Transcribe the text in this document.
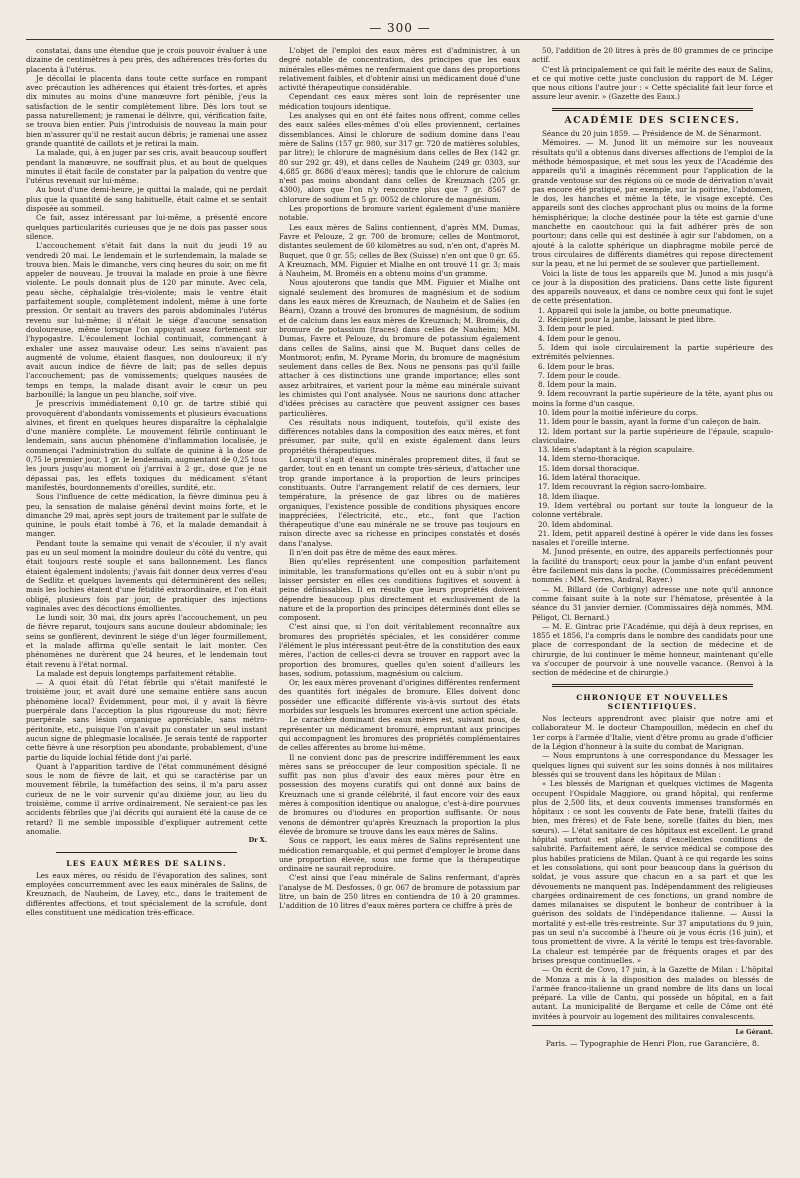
— 300 —

constatai, dans une étendue que je crois pouvoir évaluer à une dizaine de centimètres à peu près, des adhérences très-fortes du placenta à l'utérus.

Je décollai le placenta dans toute cette surface en rompant avec précaution les adhérences qui étaient très-fortes, et après dix minutes au moins d'une manœuvre fort pénible, j'eus la satisfaction de le sentir complètement libre. Dès lors tout se passa naturellement; je ramenai le délivre, qui, vérification faite, se trouva bien entier. Puis j'introduisis de nouveau la main pour bien m'assurer qu'il ne restait aucun débris; je ramenai une assez grande quantité de caillots et je retirai la main.

La malade, qui, à en juger par ses cris, avait beaucoup souffert pendant la manœuvre, ne souffrait plus, et au bout de quelques minutes il était facile de constater par la palpation du ventre que l'utérus revenait sur lui-même.

Au bout d'une demi-heure, je quittai la malade, qui ne perdait plus que la quantité de sang habituelle, était calme et se sentait disposée au sommeil.

Ce fait, assez intéressant par lui-même, a présenté encore quelques particularités curieuses que je ne dois pas passer sous silence.

L'accouchement s'était fait dans la nuit du jeudi 19 au vendredi 20 mai. Le lendemain et le surlendemain, la malade se trouva bien. Mais le dimanche, vers cinq heures du soir, on me fit appeler de nouveau. Je trouvai la malade en proie à une fièvre violente. Le pouls donnait plus de 120 par minute. Avec cela, peau sèche, céphalalgie très-violente; mais le ventre était parfaitement souple, complètement indolent, même à une forte pression. Or sentait au travers des parois abdominales l'utérus revenu sur lui-même; il n'était le siége d'aucune sensation douloureuse, même lorsque l'on appuyait assez fortement sur l'hypogastre. L'écoulement lochial continuait, commençant à exhaler une assez mauvaise odeur. Les seins n'avaient pas augmenté de volume, étaient flasques, non douloureux; il n'y avait aucun indice de fièvre de lait; pas de selles depuis l'accouchement; pas de vomissements; quelques nausées de temps en temps, la malade disant avoir le cœur un peu barbouillé; la langue un peu blanche, soif vive.

Je prescrivis immédiatement 0,10 gr. de tartre stibié qui provoquèrent d'abondants vomissements et plusieurs évacuations alvines, et firent en quelques heures disparaître la céphalalgie d'une manière complète. Le mouvement fébrile continuant le lendemain, sans aucun phénomène d'inflammation localisée, je commençai l'administration du sulfate de quinine à la dose de 0,75 le premier jour, 1 gr. le lendemain, augmentant de 0,25 tous les jours jusqu'au moment où j'arrivai à 2 gr., dose que je ne dépassai pas, les effets toxiques du médicament s'étant manifestés, bourdonnements d'oreilles, surdité, etc.

Sous l'influence de cette médication, la fièvre diminua peu à peu, la sensation de malaise général devint moins forte, et le dimanche 29 mai, après sept jours de traitement par le sulfate de quinine, le pouls était tombé à 76, et la malade demandait à manger.

Pendant toute la semaine qui venait de s'écouler, il n'y avait pas eu un seul moment la moindre douleur du côté du ventre, qui était toujours resté souple et sans ballonnement. Les flancs étaient également indolents; j'avais fait donner deux verres d'eau de Sedlitz et quelques lavements qui déterminèrent des selles; mais les lochies étaient d'une fétidité extraordinaire, et l'on était obligé, plusieurs fois par jour, de pratiquer des injections vaginales avec des décoctions émollientes.

Le lundi soir, 30 mai, dix jours après l'accouchement, un peu de fièvre reparut, toujours sans aucune douleur abdominale; les seins se gonflèrent, devinrent le siége d'un léger fourmillement, et la malade affirma qu'elle sentait le lait monter. Ces phénomènes ne durèrent que 24 heures, et le lendemain tout était revenu à l'état normal.

La malade est depuis longtemps parfaitement rétablie.

— A quoi était dû l'état fébrile qui s'était manifesté le troisième jour, et avait duré une semaine entière sans aucun phénomène local? Évidemment, pour moi, il y avait là fièvre puerpérale dans l'acception la plus rigoureuse du mot; fièvre puerpérale sans lésion organique appréciable, sans métro-péritonite, etc., puisque l'on n'avait pu constater un seul instant aucun signe de phlegmasie localisée. Je serais tenté de rapporter cette fièvre à une résorption peu abondante, probablement, d'une partie du liquide lochial fétide dont j'ai parlé.

Quant à l'apparition tardive de l'état communément désigné sous le nom de fièvre de lait, et qui se caractérise par un mouvement fébrile, la tuméfaction des seins, il m'a paru assez curieux de ne le voir survenir qu'au dixième jour, au lieu du troisième, comme il arrive ordinairement. Ne seraient-ce pas les accidents fébriles que j'ai décrits qui auraient été la cause de ce retard? Il me semble impossible d'expliquer autrement cette anomalie.

Dr X.
LES EAUX MÈRES DE SALINS.

Les eaux mères, ou résidu de l'évaporation des salines, sont employées concurremment avec les eaux minérales de Salins, de Kreuznach, de Nauheim, de Lavey, etc., dans le traitement de différentes affections, et tout spécialement de la scrofule, dont elles constituent une médication très-efficace.

L'objet de l'emploi des eaux mères est d'administrer, à un degré notable de concentration, des principes que les eaux minérales elles-mêmes ne renfermaient que dans des proportions relativement faibles, et d'obtenir ainsi un médicament doué d'une activité thérapeutique considérable.

Cependant ces eaux mères sont loin de représenter une médication toujours identique.

Les analyses qui en ont été faites nous offrent, comme celles des eaux salées elles-mêmes d'où elles proviennent, certaines dissemblances. Ainsi le chlorure de sodium domine dans l'eau mère de Salins (157 gr. 980, sur 317 gr. 720 de matières solubles, par litre); le chlorure de magnésium dans celles de Bex (142 gr. 80 sur 292 gr. 49), et dans celles de Nauheim (249 gr. 0303, sur 4,685 gr. 8686 d'eaux mères); tandis que le chlorure de calcium n'est pas moins abondant dans celles de Kreuznach (205 gr. 4300), alors que l'on n'y rencontre plus que 7 gr. 8567 de chlorure de sodium et 5 gr. 0052 de chlorure de magnésium.

Les proportions de bromure varient également d'une manière notable.

Les eaux mères de Salins contiennent, d'après MM. Dumas, Favre et Pelouze, 2 gr. 700 de bromure; celles de Montmorot, distantes seulement de 60 kilomètres au sud, n'en ont, d'après M. Buquet, que 0 gr. 55; celles de Bex (Suisse) n'en ont que 0 gr. 65. A Kreuznach, MM. Figuier et Mialhe en ont trouvé 11 gr. 3; mais à Nauheim, M. Broméis en a obtenu moins d'un gramme.

Nous ajouterons que tandis que MM. Figuier et Mialhe ont signalé seulement des bromures de magnésium et de sodium dans les eaux mères de Kreuznach, de Nauheim et de Salies (en Béarn), Ozann a trouvé des bromures de magnésium, de sodium et de calcium dans les eaux mères de Kreuznach; M. Broméis, du bromure de potassium (traces) dans celles de Nauheim; MM. Dumas, Favre et Pelouze, du bromure de potassium également dans celles de Salins, ainsi que M. Buquet dans celles de Montmorot; enfin, M. Pyrame Morin, du bromure de magnésium seulement dans celles de Bex. Nous ne pensons pas qu'il faille attacher à ces distinctions une grande importance; elles sont assez arbitraires, et varient pour la même eau minérale suivant les chimistes qui l'ont analysée. Nous ne saurions donc attacher d'idées précises au caractère que peuvent assigner ces bases particulières.

Ces résultats nous indiquent, toutefois, qu'il existe des différences notables dans la composition des eaux mères, et font présumer, par suite, qu'il en existe également dans leurs propriétés thérapeutiques.

Lorsqu'il s'agit d'eaux minérales proprement dites, il faut se garder, tout en en tenant un compte très-sérieux, d'attacher une trop grande importance à la proportion de leurs principes constituants. Outre l'arrangement relatif de ces derniers, leur température, la présence de gaz libres ou de matières organiques, l'existence possible de conditions physiques encore inappréciées, l'électricité, etc., etc., font que l'action thérapeutique d'une eau minérale ne se trouve pas toujours en raison directe avec sa richesse en principes constatés et dosés dans l'analyse.

Il n'en doit pas être de même des eaux mères.

Bien qu'elles représentent une composition parfaitement inimitable, les transformations qu'elles ont eu à subir n'ont pu laisser persister en elles ces conditions fugitives et souvent à peine définissables. Il en résulte que leurs propriétés doivent dépendre beaucoup plus directement et exclusivement de la nature et de la proportion des principes déterminés dont elles se composent.

C'est ainsi que, si l'on doit véritablement reconnaître aux bromures des propriétés spéciales, et les considérer comme l'élément le plus intéressant peut-être de la constitution des eaux mères, l'action de celles-ci devra se trouver en rapport avec la proportion des bromures, quelles qu'en soient d'ailleurs les bases, sodium, potassium, magnésium ou calcium.

Or, les eaux mères provenant d'origines différentes renferment des quantités fort inégales de bromure. Elles doivent donc posséder une efficacité différente vis-à-vis surtout des états morbides sur lesquels les bromures exercent une action spéciale.

Le caractère dominant des eaux mères est, suivant nous, de représenter un médicament bromuré, empruntant aux principes qui accompagnent les bromures des propriétés complémentaires de celles afférentes au brome lui-même.

Il ne convient donc pas de prescrire indifféremment les eaux mères sans se préoccuper de leur composition spéciale. Il ne suffit pas non plus d'avoir des eaux mères pour être en possession des moyens curatifs qui ont donné aux bains de Kreuznach une si grande célébrité, il faut encore voir des eaux mères à composition identique ou analogue, c'est-à-dire pourvues de bromures ou d'iodures en proportion suffisante. Or nous venons de démontrer qu'après Kreuznach la proportion la plus élevée de bromure se trouve dans les eaux mères de Salins.

Sous ce rapport, les eaux mères de Salins représentent une médication remarquable, et qui permet d'employer le brome dans une proportion élevée, sous une forme que la thérapeutique ordinaire ne saurait reproduire.

C'est ainsi que l'eau minérale de Salins renfermant, d'après l'analyse de M. Desfosses, 0 gr. 067 de bromure de potassium par litre, un bain de 250 litres en contiendra de 10 à 20 grammes. L'addition de 10 litres d'eaux mères portera ce chiffre à près de

50, l'addition de 20 litres à près de 80 grammes de ce principe actif.

C'est là principalement ce qui fait le mérite des eaux de Salins, et ce qui motive cette juste conclusion du rapport de M. Léger que nous citions l'autre jour : « Cette spécialité fait leur force et assure leur avenir. » (Gazette des Eaux.)

ACADÉMIE DES SCIENCES.

Séance du 20 juin 1859. — Présidence de M. de Sénarmont.

Mémoires. — M. Junod lit un mémoire sur les nouveaux résultats qu'il a obtenus dans diverses affections de l'emploi de la méthode hémospasique, et met sous les yeux de l'Académie des appareils qu'il a imaginés récemment pour l'application de la grande ventouse sur des régions où ce mode de dérivation n'avait pas encore été pratiqué, par exemple, sur la poitrine, l'abdomen, le dos, les hanches et même la tête, le visage excepté. Ces appareils sont des cloches approchant plus ou moins de la forme hémisphérique; la cloche destinée pour la tête est garnie d'une manchette en caoutchouc qui la fait adhérer près de son pourtour; dans celle qui est destinée à agir sur l'abdomen, on a ajouté à la calotte sphérique un diaphragme mobile percé de trous circulaires de différents diamètres qui repose directement sur la peau, et ne lui permet de se soulever que partiellement.

Voici la liste de tous les appareils que M. Junod a mis jusqu'à ce jour à la disposition des praticiens. Dans cette liste figurent des appareils nouveaux, et dans ce nombre ceux qui font le sujet de cette présentation.

1. Appareil qui isole la jambe, ou botte pneumatique.

2. Récipient pour la jambe, laissant le pied libre.

3. Idem pour le pied.

4. Idem pour le genou.

5. Idem qui isole circulairement la partie supérieure des extrémités pelviennes.

6. Idem pour le bras.

7. Idem pour le coude.

8. Idem pour la main.

9. Idem recouvrant la partie supérieure de la tête, ayant plus ou moins la forme d'un casque.

10. Idem pour la moitié inférieure du corps.

11. Idem pour le bassin, ayant la forme d'un caleçon de bain.

12. Idem portant sur la partie supérieure de l'épaule, scapulo-claviculaire.

13. Idem s'adaptant à la région scapulaire.

14. Idem sterno-thoracique.

15. Idem dorsal thoracique.

16. Idem latéral thoracique.

17. Idem recouvrant la région sacro-lombaire.

18. Idem iliaque.

19. Idem vertébral ou portant sur toute la longueur de la colonne vertébrale.

20. Idem abdominal.

21. Idem, petit appareil destiné à opérer le vide dans les fosses nasales et l'oreille interne.

M. Junod présente, en outre, des appareils perfectionnés pour la facilité du transport; ceux pour la jambe d'un enfant peuvent être facilement mis dans la poche. (Commissaires précédemment nommés : MM. Serres, Andral, Rayer.)

— M. Billard (de Corbigny) adresse une note qu'il annonce comme faisant suite à la note sur l'hématose, présentée à la séance du 31 janvier dernier. (Commissaires déjà nommés, MM. Péligot, Cl. Bernard.)

— M. E. Gintrac prie l'Académie, qui déjà à deux reprises, en 1855 et 1856, l'a compris dans le nombre des candidats pour une place de correspondant de la section de médecine et de chirurgie, de lui continuer le même honneur, maintenant qu'elle va s'occuper de pourvoir à une nouvelle vacance. (Renvoi à la section de médecine et de chirurgie.)

CHRONIQUE ET NOUVELLES SCIENTIFIQUES.

Nos lecteurs apprendront avec plaisir que notre ami et collaborateur M. le docteur Champouillon, médecin en chef du 1er corps à l'armée d'Italie, vient d'être promu au grade d'officier de la Légion d'honneur à la suite du combat de Marignan.

— Nous empruntons à une correspondance du Messager les quelques lignes qui suivent sur les soins donnés à nos militaires blessés qui se trouvent dans les hôpitaux de Milan :

« Les blessés de Marignan et quelques victimes de Magenta occupent l'Ospidale Maggiore, ou grand hôpital, qui renferme plus de 2,500 lits, et deux couvents immenses transformés en hôpitaux : ce sont les couvents de Fate bene, fratelli (faites du bien, mes frères) et de Fate bene, sorelle (faites du bien, mes sœurs). — L'état sanitaire de ces hôpitaux est excellent. Le grand hôpital surtout est placé dans d'excellentes conditions de salubrité. Parfaitement aéré, le service médical se compose des plus habiles praticiens de Milan. Quant à ce qui regarde les soins et les consolations, qui sont pour beaucoup dans la guérison du soldat, je vous assure que chacun en a sa part et que les dévouements ne manquent pas. Indépendamment des religieuses chargées ordinairement de ces fonctions, un grand nombre de dames milanaises se disputent le bonheur de contribuer à la guérison des soldats de l'indépendance italienne. — Aussi la mortalité y est-elle très-restreinte. Sur 37 amputations du 9 juin, pas un seul n'a succombé à l'heure où je vous écris (16 juin), et tous promettent de vivre. A la vérité le temps est très-favorable. La chaleur est tempérée par de fréquents orages et par des brises presque continuelles. »

— On écrit de Covo, 17 juin, à la Gazette de Milan : L'hôpital de Monza a mis à la disposition des malades ou blessés de l'armée franco-italienne un grand nombre de lits dans un local préparé. La ville de Cantu, qui possède un hôpital, en a fait autant. La municipalité de Bergame et celle de Côme ont été invitées à pourvoir au logement des militaires convalescents.

Le Gérant.
Paris. — Typographie de Henri Plon, rue Garancière, 8.
